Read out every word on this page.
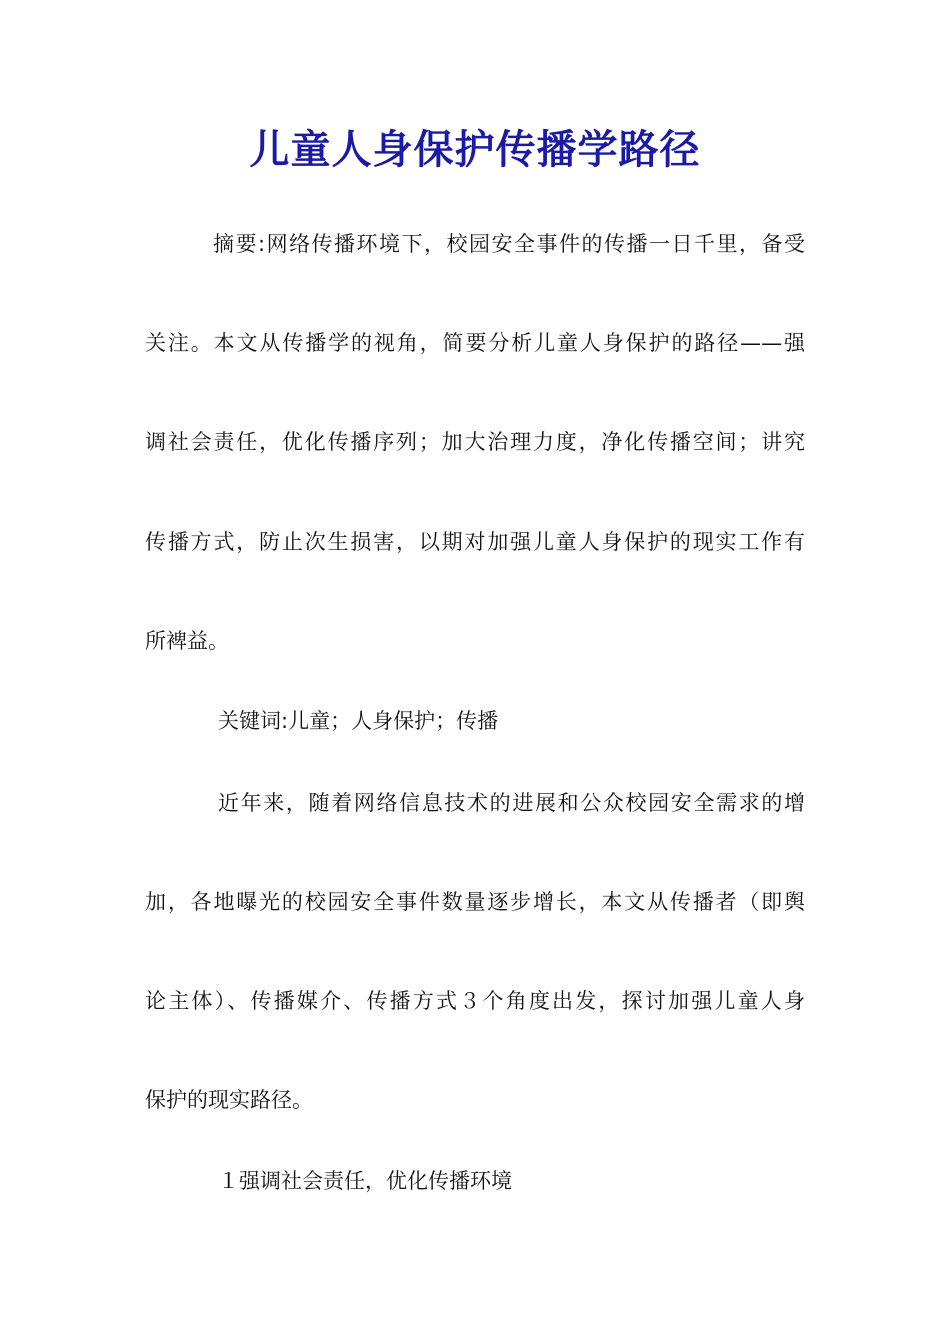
儿童人身保护传播学路径
摘要:网络传播环境下，校园安全事件的传播一日千里，备受
关注。本文从传播学的视角，简要分析儿童人身保护的路径——强
调社会责任，优化传播序列；加大治理力度，净化传播空间；讲究
传播方式，防止次生损害，以期对加强儿童人身保护的现实工作有
所裨益。
关键词:儿童；人身保护；传播
近年来，随着网络信息技术的进展和公众校园安全需求的增
加，各地曝光的校园安全事件数量逐步增长，本文从传播者（即舆
论主体）、传播媒介、传播方式３个角度出发，探讨加强儿童人身
保护的现实路径。
１强调社会责任，优化传播环境
